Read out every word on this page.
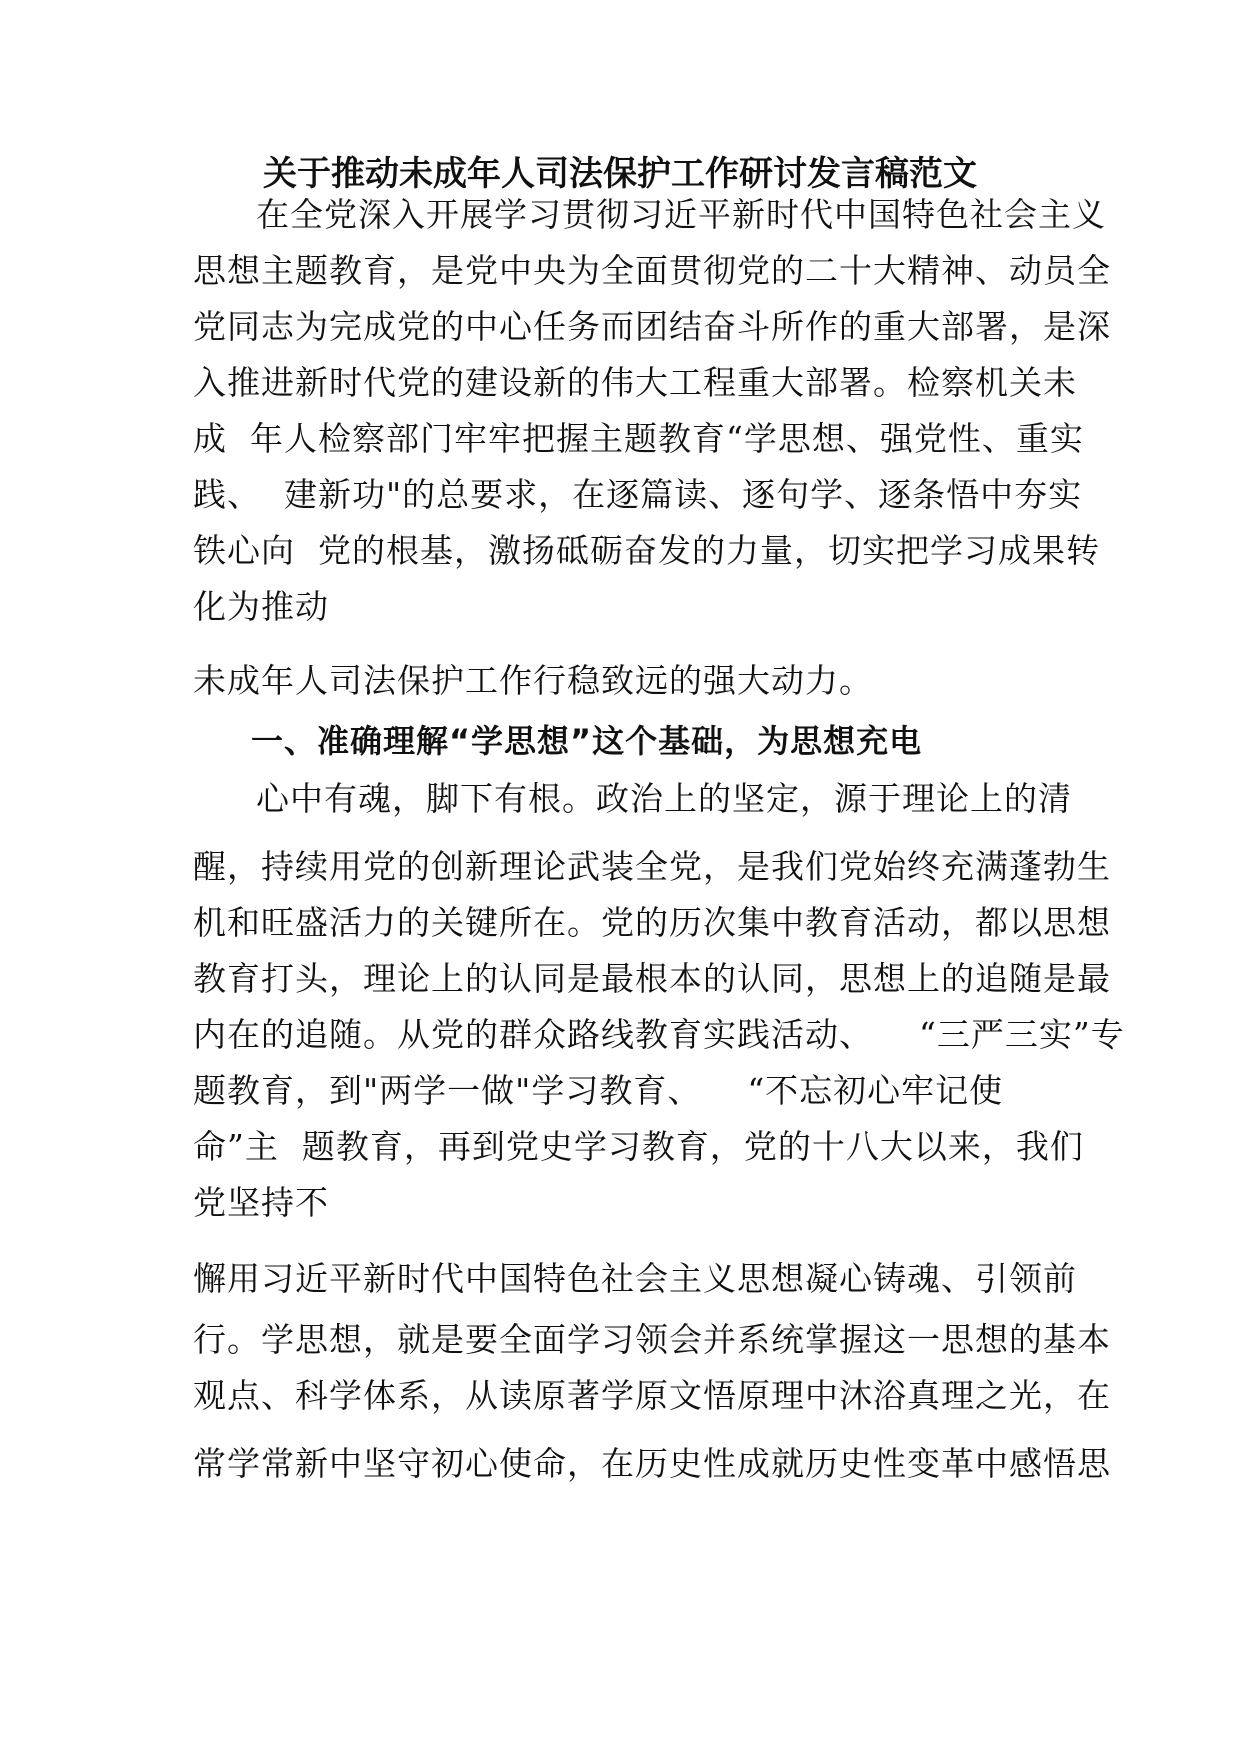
关于推动未成年人司法保护工作研讨发言稿范文
在全党深入开展学习贯彻习近平新时代中国特色社会主义
思想主题教育，是党中央为全面贯彻党的二十大精神、动员全
党同志为完成党的中心任务而团结奋斗所作的重大部署，是深
入推进新时代党的建设新的伟大工程重大部署。检察机关未
成  年人检察部门牢牢把握主题教育“学思想、强党性、重实
践、  建新功"的总要求，在逐篇读、逐句学、逐条悟中夯实
铁心向  党的根基，激扬砥砺奋发的力量，切实把学习成果转
化为推动
未成年人司法保护工作行稳致远的强大动力。
一、准确理解“学思想”这个基础，为思想充电
心中有魂，脚下有根。政治上的坚定，源于理论上的清
醒，持续用党的创新理论武装全党，是我们党始终充满蓬勃生
机和旺盛活力的关键所在。党的历次集中教育活动，都以思想
教育打头，理论上的认同是最根本的认同，思想上的追随是最
内在的追随。从党的群众路线教育实践活动、    “三严三实”专
题教育，到"两学一做"学习教育、    “不忘初心牢记使
命”主  题教育，再到党史学习教育，党的十八大以来，我们
党坚持不
懈用习近平新时代中国特色社会主义思想凝心铸魂、引领前
行。学思想，就是要全面学习领会并系统掌握这一思想的基本
观点、科学体系，从读原著学原文悟原理中沐浴真理之光，在
常学常新中坚守初心使命，在历史性成就历史性变革中感悟思
